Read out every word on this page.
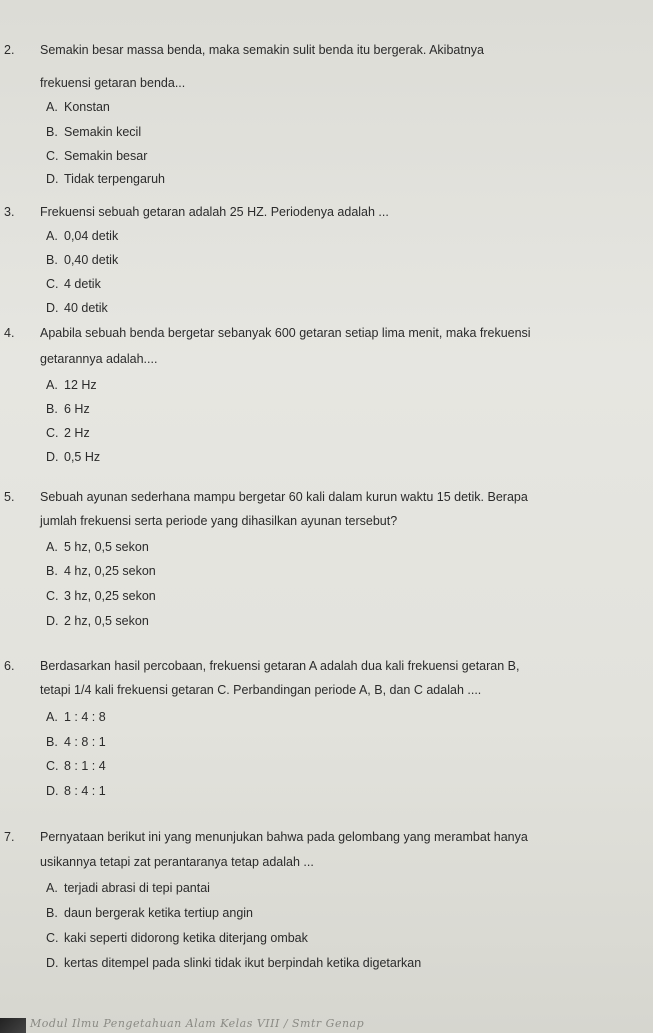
2. Semakin besar massa benda, maka semakin sulit benda itu bergerak. Akibatnya
frekuensi getaran benda...
A. Konstan
B. Semakin kecil
C. Semakin besar
D. Tidak terpengaruh
3. Frekuensi sebuah getaran adalah 25 HZ. Periodenya adalah ...
A. 0,04 detik
B. 0,40 detik
C. 4 detik
D. 40 detik
4. Apabila sebuah benda bergetar sebanyak 600 getaran setiap lima menit, maka frekuensi
getarannya adalah....
A. 12 Hz
B. 6 Hz
C. 2 Hz
D. 0,5 Hz
5. Sebuah ayunan sederhana mampu bergetar 60 kali dalam kurun waktu 15 detik. Berapa
jumlah frekuensi serta periode yang dihasilkan ayunan tersebut?
A. 5 hz, 0,5 sekon
B. 4 hz, 0,25 sekon
C. 3 hz, 0,25 sekon
D. 2 hz, 0,5 sekon
6. Berdasarkan hasil percobaan, frekuensi getaran A adalah dua kali frekuensi getaran B,
tetapi 1/4 kali frekuensi getaran C. Perbandingan periode A, B, dan C adalah ....
A. 1 : 4 : 8
B. 4 : 8 : 1
C. 8 : 1 : 4
D. 8 : 4 : 1
7. Pernyataan berikut ini yang menunjukan bahwa pada gelombang yang merambat hanya
usikannya tetapi zat perantaranya tetap adalah ...
A. terjadi abrasi di tepi pantai
B. daun bergerak ketika tertiup angin
C. kaki seperti didorong ketika diterjang ombak
D. kertas ditempel pada slinki tidak ikut berpindah ketika digetarkan
Modul Ilmu Pengetahuan Alam Kelas VIII / Smtr Genap
